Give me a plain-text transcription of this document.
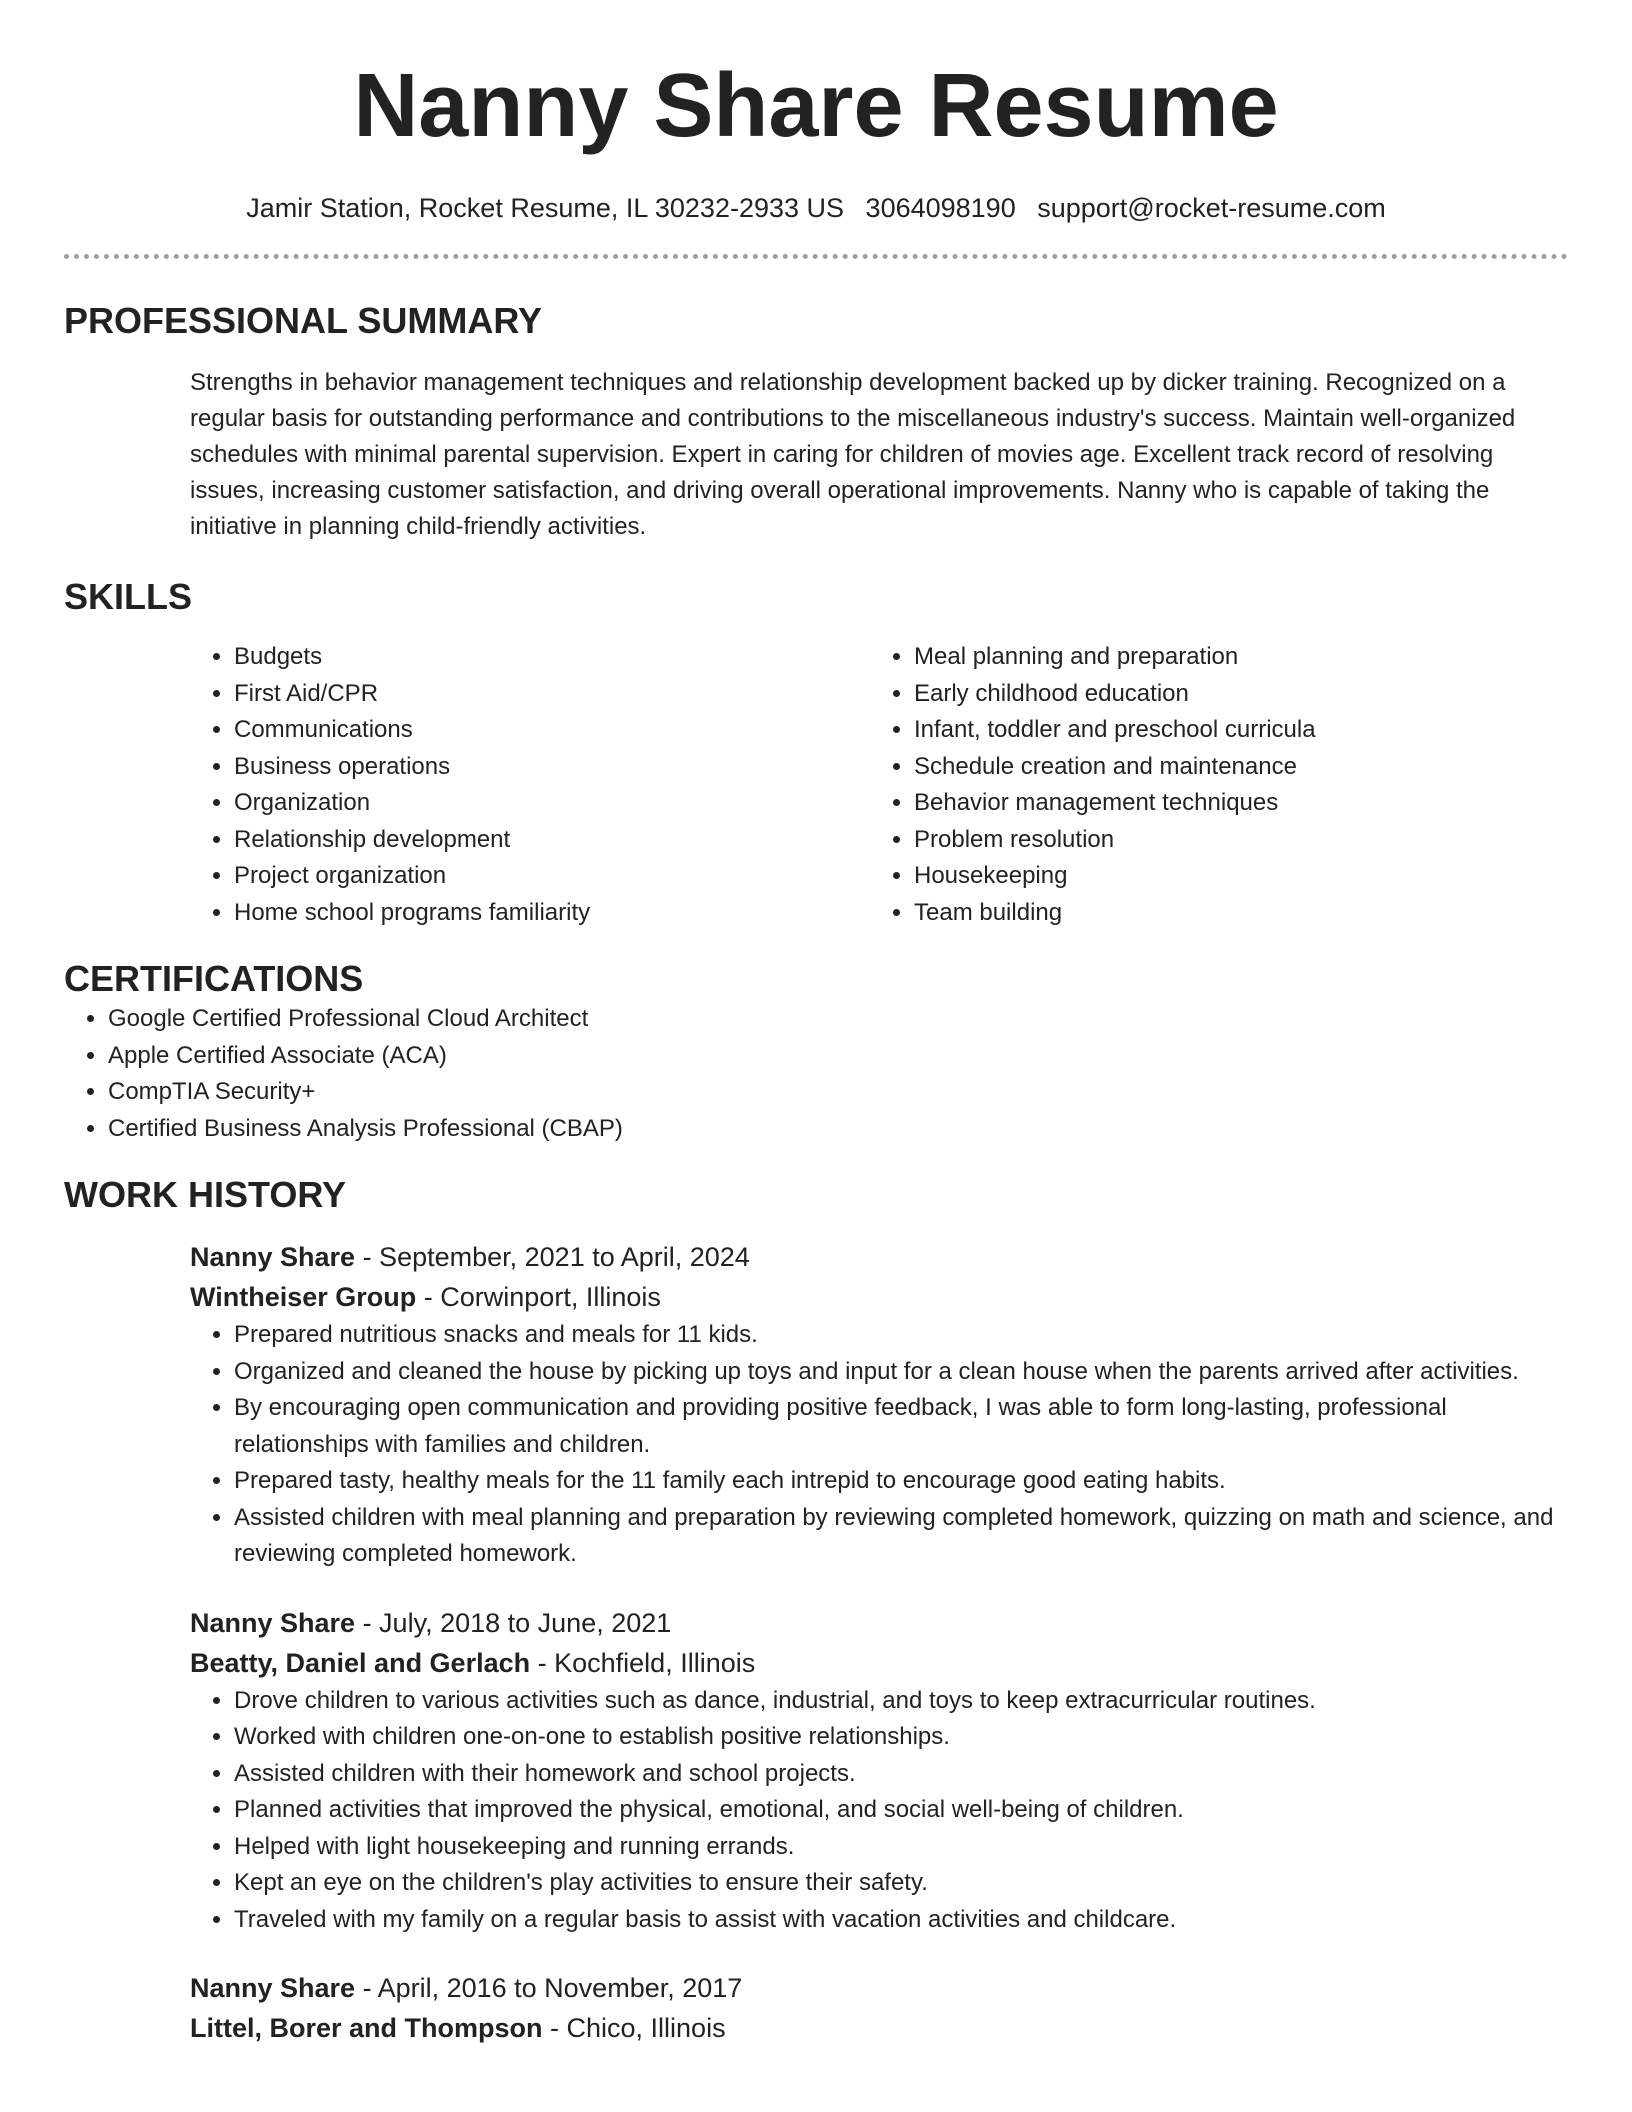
Nanny Share Resume
Jamir Station, Rocket Resume, IL 30232-2933 US 3064098190 support@rocket-resume.com
PROFESSIONAL SUMMARY
Strengths in behavior management techniques and relationship development backed up by dicker training. Recognized on a regular basis for outstanding performance and contributions to the miscellaneous industry's success. Maintain well-organized schedules with minimal parental supervision. Expert in caring for children of movies age. Excellent track record of resolving issues, increasing customer satisfaction, and driving overall operational improvements. Nanny who is capable of taking the initiative in planning child-friendly activities.
SKILLS
• Budgets
• First Aid/CPR
• Communications
• Business operations
• Organization
• Relationship development
• Project organization
• Home school programs familiarity
• Meal planning and preparation
• Early childhood education
• Infant, toddler and preschool curricula
• Schedule creation and maintenance
• Behavior management techniques
• Problem resolution
• Housekeeping
• Team building
CERTIFICATIONS
• Google Certified Professional Cloud Architect
• Apple Certified Associate (ACA)
• CompTIA Security+
• Certified Business Analysis Professional (CBAP)
WORK HISTORY
Nanny Share - September, 2021 to April, 2024
Wintheiser Group - Corwinport, Illinois
• Prepared nutritious snacks and meals for 11 kids.
• Organized and cleaned the house by picking up toys and input for a clean house when the parents arrived after activities.
• By encouraging open communication and providing positive feedback, I was able to form long-lasting, professional relationships with families and children.
• Prepared tasty, healthy meals for the 11 family each intrepid to encourage good eating habits.
• Assisted children with meal planning and preparation by reviewing completed homework, quizzing on math and science, and reviewing completed homework.
Nanny Share - July, 2018 to June, 2021
Beatty, Daniel and Gerlach - Kochfield, Illinois
• Drove children to various activities such as dance, industrial, and toys to keep extracurricular routines.
• Worked with children one-on-one to establish positive relationships.
• Assisted children with their homework and school projects.
• Planned activities that improved the physical, emotional, and social well-being of children.
• Helped with light housekeeping and running errands.
• Kept an eye on the children's play activities to ensure their safety.
• Traveled with my family on a regular basis to assist with vacation activities and childcare.
Nanny Share - April, 2016 to November, 2017
Littel, Borer and Thompson - Chico, Illinois
